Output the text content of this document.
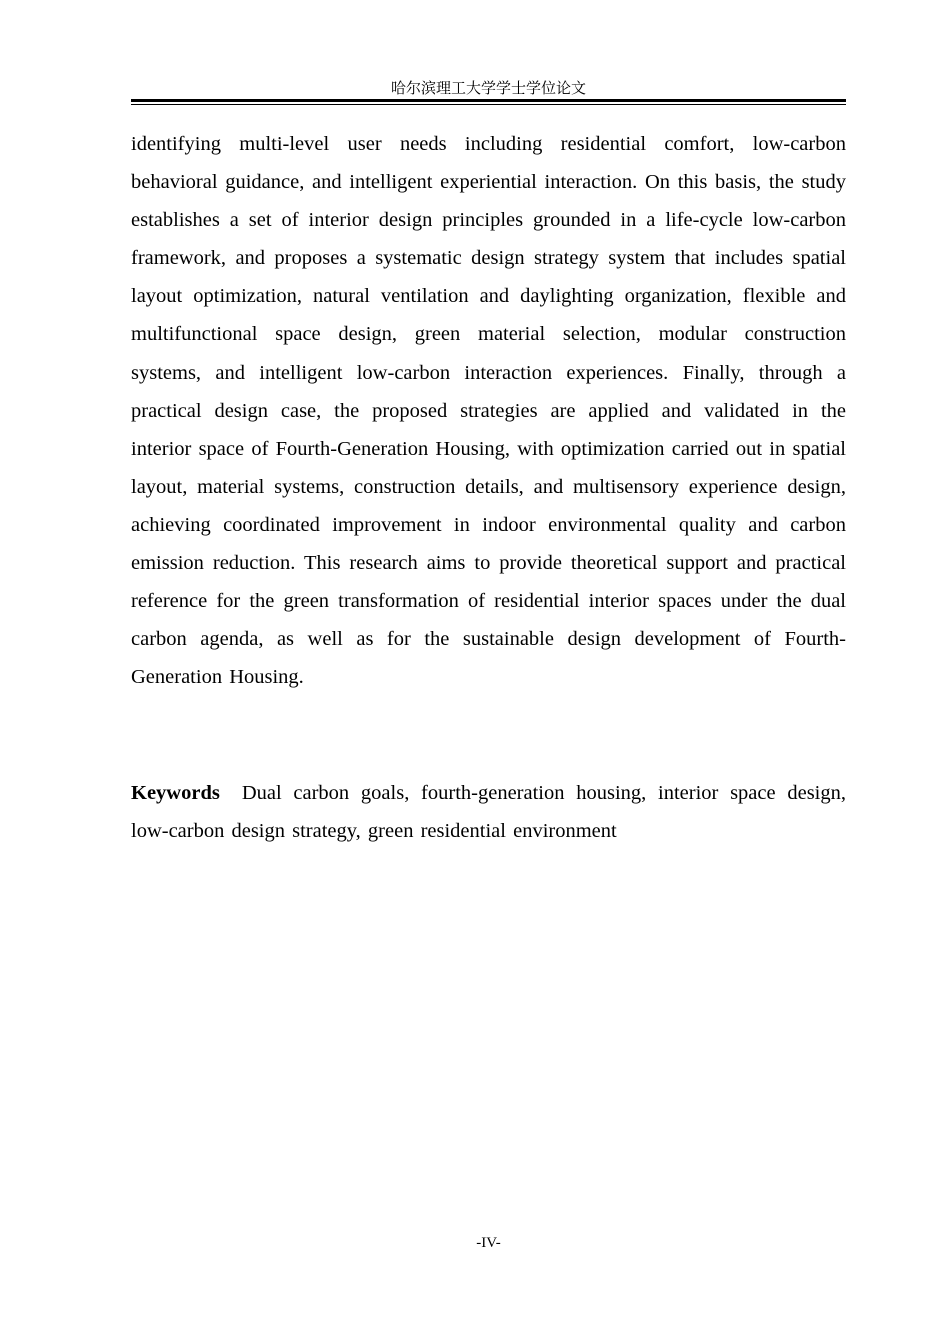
哈尔滨理工大学学士学位论文

identifying multi-level user needs including residential comfort, low-carbon behavioral guidance, and intelligent experiential interaction. On this basis, the study establishes a set of interior design principles grounded in a life-cycle low-carbon framework, and proposes a systematic design strategy system that includes spatial layout optimization, natural ventilation and daylighting organization, flexible and multifunctional space design, green material selection, modular construction systems, and intelligent low-carbon interaction experiences. Finally, through a practical design case, the proposed strategies are applied and validated in the interior space of Fourth-Generation Housing, with optimization carried out in spatial layout, material systems, construction details, and multisensory experience design, achieving coordinated improvement in indoor environmental quality and carbon emission reduction. This research aims to provide theoretical support and practical reference for the green transformation of residential interior spaces under the dual carbon agenda, as well as for the sustainable design development of Fourth-Generation Housing.

Keywords Dual carbon goals, fourth-generation housing, interior space design, low-carbon design strategy, green residential environment

-IV-
